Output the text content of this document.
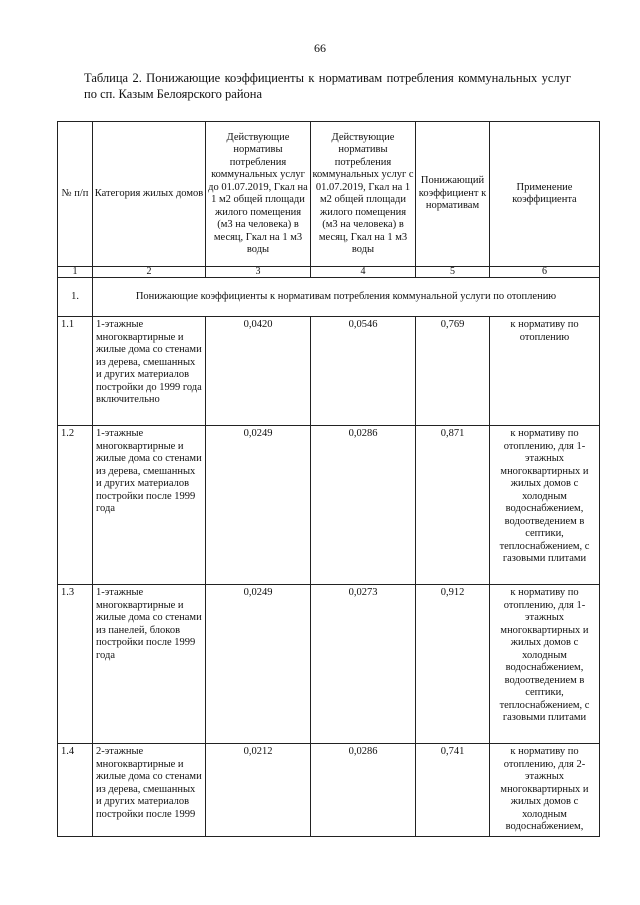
66
Таблица 2. Понижающие коэффициенты к нормативам потребления коммунальных услуг
по сп. Казым Белоярского района
№ п/п	Категория жилых домов	Действующие нормативы потребления коммунальных услуг до 01.07.2019, Гкал на 1 м2 общей площади жилого помещения (м3 на человека) в месяц, Гкал на 1 м3 воды	Действующие нормативы потребления коммунальных услуг с 01.07.2019, Гкал на 1 м2 общей площади жилого помещения (м3 на человека) в месяц, Гкал на 1 м3 воды	Понижающий коэффициент к нормативам	Применение коэффициента
1	2	3	4	5	6
1.	Понижающие коэффициенты к нормативам потребления коммунальной услуги по отоплению				
1.1	1-этажные многоквартирные и жилые дома со стенами из дерева, смешанных и других материалов постройки до 1999 года включительно	0,0420	0,0546	0,769	к нормативу по отоплению
1.2	1-этажные многоквартирные и жилые дома со стенами из дерева, смешанных и других материалов постройки после 1999 года	0,0249	0,0286	0,871	к нормативу по отоплению, для 1-этажных многоквартирных и жилых домов с холодным водоснабжением, водоотведением в септики, теплоснабжением, с газовыми плитами
1.3	1-этажные многоквартирные и жилые дома со стенами из панелей, блоков постройки после 1999 года	0,0249	0,0273	0,912	к нормативу по отоплению, для 1-этажных многоквартирных и жилых домов с холодным водоснабжением, водоотведением в септики, теплоснабжением, с газовыми плитами
1.4	2-этажные многоквартирные и жилые дома со стенами из дерева, смешанных и других материалов постройки после 1999	0,0212	0,0286	0,741	к нормативу по отоплению, для 2-этажных многоквартирных и жилых домов с холодным водоснабжением,
